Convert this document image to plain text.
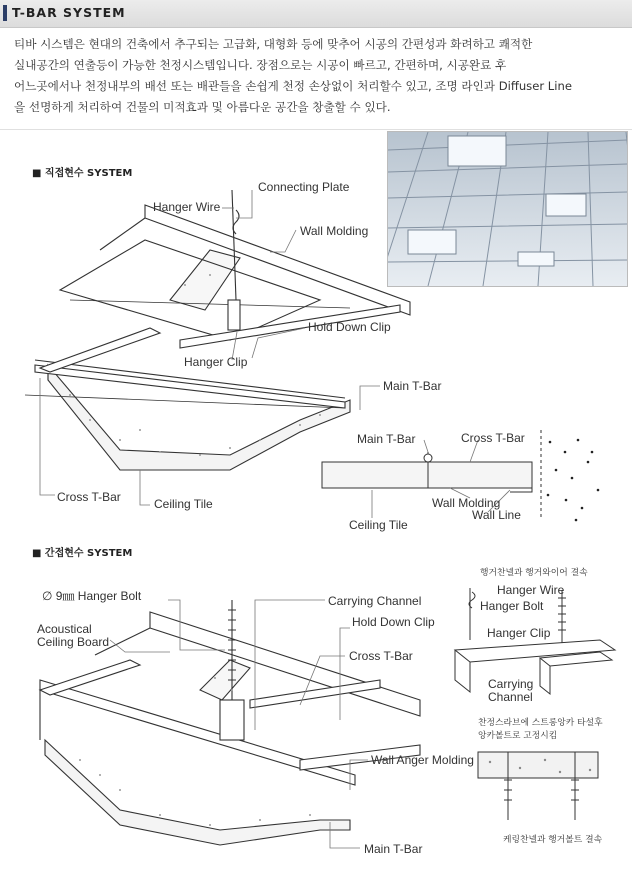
T-BAR SYSTEM
티바 시스템은 현대의 건축에서 추구되는 고급화, 대형화 등에 맞추어 시공의 간편성과 화려하고 쾌적한
실내공간의 연출등이 가능한 천정시스템입니다. 장점으로는 시공이 빠르고, 간편하며, 시공완료 후
어느곳에서나 천정내부의 배선 또는 배관들을 손쉽게 천정 손상없이 처리할수 있고, 조명 라인과 Diffuser Line
을 선명하게 처리하여 건물의 미적효과 및 아름다운 공간을 창출할 수 있다.
■ 직접현수 SYSTEM
Connecting Plate
Hanger Wire
Wall Molding
Hold Down Clip
Hanger Clip
Main T-Bar
Cross T-Bar	Ceiling Tile
Main T-Bar	Cross T-Bar
Wall Molding
Wall Line
Ceiling Tile
■ 간접현수 SYSTEM
∅ 9㎜ Hanger Bolt	Carrying Channel
Hold Down Clip
Acoustical
Ceiling Board
Cross T-Bar
Wall Anger Molding
Main T-Bar
행거찬넬과 행거와이어 결속
Hanger Wire
Hanger Bolt
Hanger Clip
Carrying
Channel
찬정스라브에 스트롱앙카 타설후
앙카볼트로 고정시킴
케링찬넬과 행거볼트 결속
